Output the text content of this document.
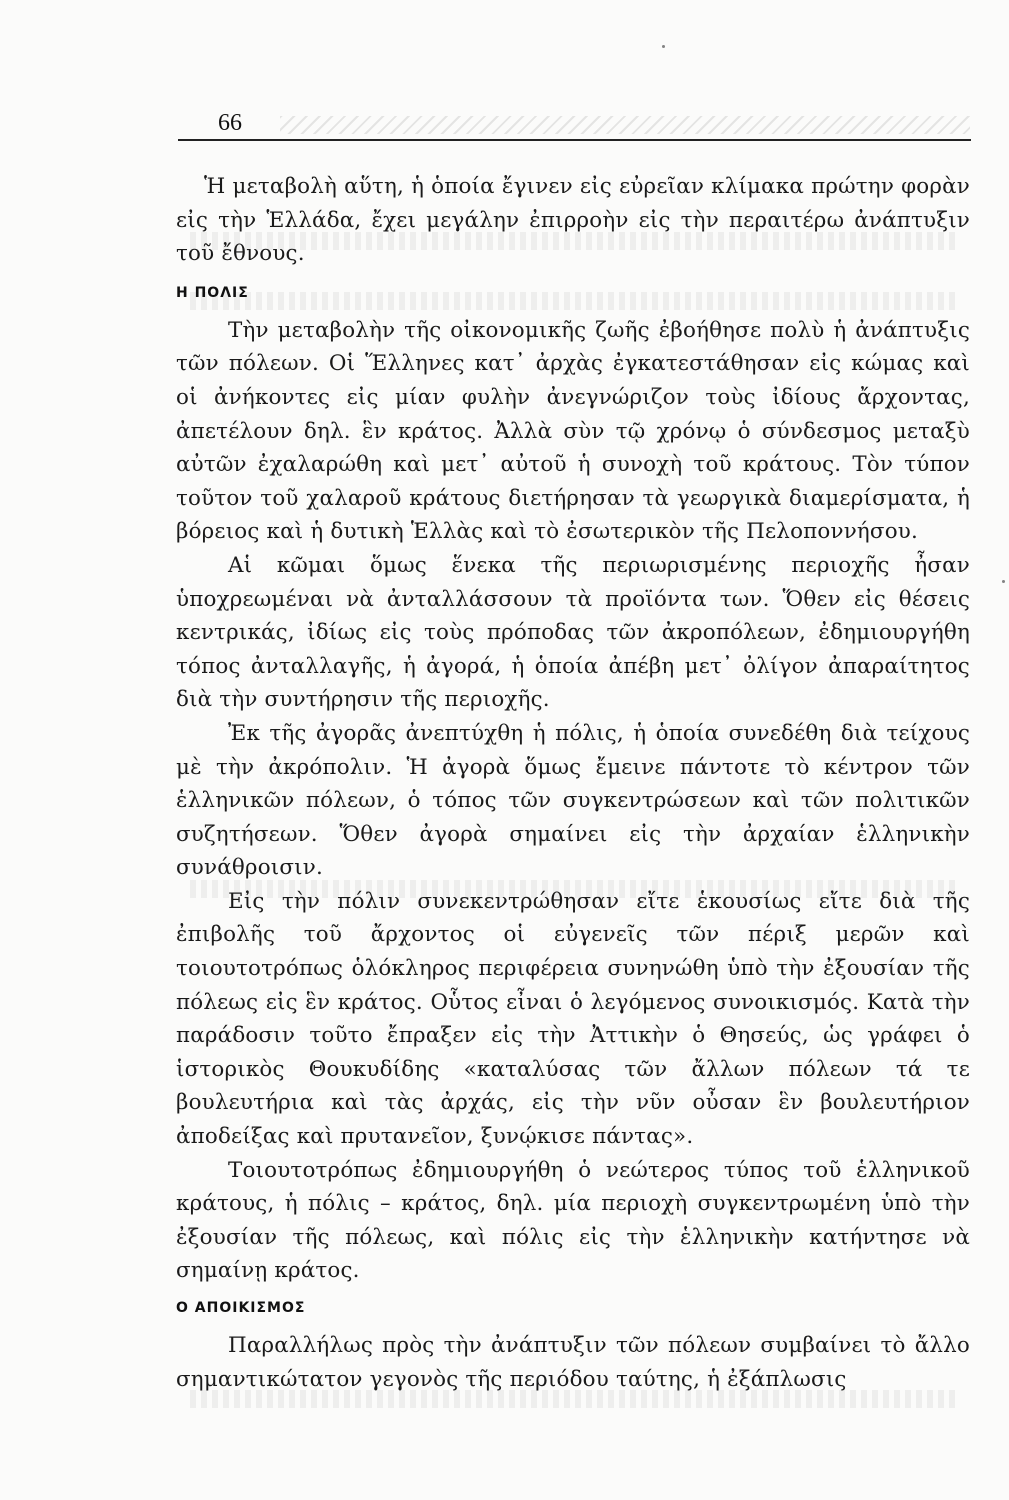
66

Ἡ μεταβολὴ αὕτη, ἡ ὁποία ἔγινεν εἰς εὐρεῖαν κλίμακα πρώτην φορὰν εἰς τὴν Ἑλλάδα, ἔχει μεγάλην ἐπιρροὴν εἰς τὴν περαιτέρω ἀνάπτυξιν τοῦ ἔθνους.

Η ΠΟΛΙΣ

Τὴν μεταβολὴν τῆς οἰκονομικῆς ζωῆς ἐβοήθησε πολὺ ἡ ἀνάπτυξις τῶν πόλεων. Οἱ Ἕλληνες κατ᾽ ἀρχὰς ἐγκατεστάθησαν εἰς κώμας καὶ οἱ ἀνήκοντες εἰς μίαν φυλὴν ἀνεγνώριζον τοὺς ἰδίους ἄρχοντας, ἀπετέλουν δηλ. ἓν κράτος. Ἀλλὰ σὺν τῷ χρόνῳ ὁ σύνδεσμος μεταξὺ αὐτῶν ἐχαλαρώθη καὶ μετ᾽ αὐτοῦ ἡ συνοχὴ τοῦ κράτους. Τὸν τύπον τοῦτον τοῦ χαλαροῦ κράτους διετήρησαν τὰ γεωργικὰ διαμερίσματα, ἡ βόρειος καὶ ἡ δυτικὴ Ἑλλὰς καὶ τὸ ἐσωτερικὸν τῆς Πελοποννήσου.

Αἱ κῶμαι ὅμως ἕνεκα τῆς περιωρισμένης περιοχῆς ἦσαν ὑποχρεωμέναι νὰ ἀνταλλάσσουν τὰ προϊόντα των. Ὅθεν εἰς θέσεις κεντρικάς, ἰδίως εἰς τοὺς πρόποδας τῶν ἀκροπόλεων, ἐδημιουργήθη τόπος ἀνταλλαγῆς, ἡ ἀγορά, ἡ ὁποία ἀπέβη μετ᾽ ὀλίγον ἀπαραίτητος διὰ τὴν συντήρησιν τῆς περιοχῆς.

Ἐκ τῆς ἀγορᾶς ἀνεπτύχθη ἡ πόλις, ἡ ὁποία συνεδέθη διὰ τείχους μὲ τὴν ἀκρόπολιν. Ἡ ἀγορὰ ὅμως ἔμεινε πάντοτε τὸ κέντρον τῶν ἑλληνικῶν πόλεων, ὁ τόπος τῶν συγκεντρώσεων καὶ τῶν πολιτικῶν συζητήσεων. Ὅθεν ἀγορὰ σημαίνει εἰς τὴν ἀρχαίαν ἑλληνικὴν συνάθροισιν.

Εἰς τὴν πόλιν συνεκεντρώθησαν εἴτε ἑκουσίως εἴτε διὰ τῆς ἐπιβολῆς τοῦ ἄρχοντος οἱ εὐγενεῖς τῶν πέριξ μερῶν καὶ τοιουτοτρόπως ὁλόκληρος περιφέρεια συνηνώθη ὑπὸ τὴν ἐξουσίαν τῆς πόλεως εἰς ἓν κράτος. Οὗτος εἶναι ὁ λεγόμενος συνοικισμός. Κατὰ τὴν παράδοσιν τοῦτο ἔπραξεν εἰς τὴν Ἀττικὴν ὁ Θησεύς, ὡς γράφει ὁ ἱστορικὸς Θουκυδίδης «καταλύσας τῶν ἄλλων πόλεων τά τε βουλευτήρια καὶ τὰς ἀρχάς, εἰς τὴν νῦν οὖσαν ἓν βουλευτήριον ἀποδείξας καὶ πρυτανεῖον, ξυνῴκισε πάντας».

Τοιουτοτρόπως ἐδημιουργήθη ὁ νεώτερος τύπος τοῦ ἑλληνικοῦ κράτους, ἡ πόλις – κράτος, δηλ. μία περιοχὴ συγκεντρωμένη ὑπὸ τὴν ἐξουσίαν τῆς πόλεως, καὶ πόλις εἰς τὴν ἑλληνικὴν κατήντησε νὰ σημαίνῃ κράτος.

Ο ΑΠΟΙΚΙΣΜΟΣ

Παραλλήλως πρὸς τὴν ἀνάπτυξιν τῶν πόλεων συμβαίνει τὸ ἄλλο σημαντικώτατον γεγονὸς τῆς περιόδου ταύτης, ἡ ἐξάπλωσις
